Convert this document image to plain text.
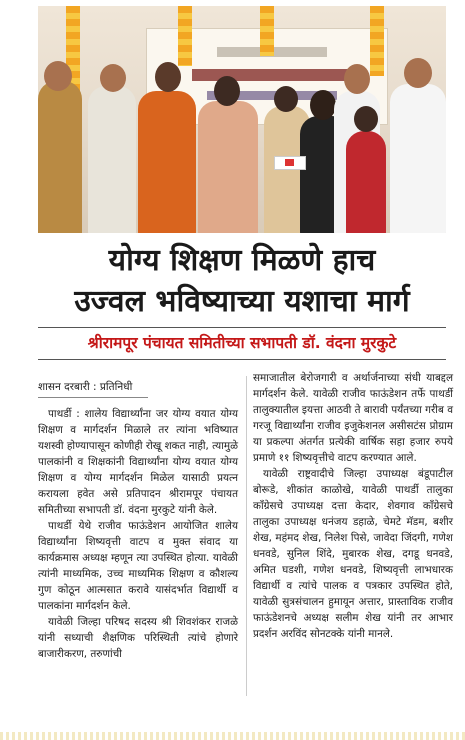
योग्य शिक्षण मिळणे हाच
उज्वल भविष्याच्या यशाचा मार्ग
श्रीरामपूर पंचायत समितीच्या सभापती डॉ. वंदना मुरकुटे
शासन दरबारी : प्रतिनिधी

पाथर्डी : शालेय विद्यार्थ्यांना जर योग्य वयात योग्य शिक्षण व मार्गदर्शन मिळाले तर त्यांना भविष्यात यशस्वी होण्यापासून कोणीही रोखू शकत नाही, त्यामुळे पालकांनी व शिक्षकांनी विद्यार्थ्यांना योग्य वयात योग्य शिक्षण व योग्य मार्गदर्शन मिळेल यासाठी प्रयत्न करायला हवेत असे प्रतिपादन श्रीरामपूर पंचायत समितीच्या सभापती डॉ. वंदना मुरकुटे यांनी केले.

पाथर्डी येथे राजीव फाऊंडेशन आयोजित शालेय विद्यार्थ्यांना शिष्यवृत्ती वाटप व मुक्त संवाद या कार्यक्रमास अध्यक्ष म्हणून त्या उपस्थित होत्या. यावेळी त्यांनी माध्यमिक, उच्च माध्यमिक शिक्षण व कौशल्य गुण कोठून आत्मसात करावे यासंदर्भात विद्यार्थी व पालकांना मार्गदर्शन केले.

यावेळी जिल्हा परिषद सदस्य श्री शिवशंकर राजळे यांनी सध्याची शैक्षणिक परिस्थिती त्यांचे होणारे बाजारीकरण, तरुणांची

समाजातील बेरोजगारी व अर्थार्जनाच्या संधी याबद्दल मार्गदर्शन केले. यावेळी राजीव फाऊंडेशन तर्फे पाथर्डी तालुक्यातील इयत्ता आठवी ते बारावी पर्यंतच्या गरीब व गरजू विद्यार्थ्यांना राजीव इजुकेशनल असीसटंस प्रोग्राम या प्रकल्पा अंतर्गत प्रत्येकी वार्षिक सहा हजार रुपये प्रमाणे ११ शिष्यवृत्तीचे वाटप करण्यात आले.

यावेळी राष्ट्रवादीचे जिल्हा उपाध्यक्ष बंडूपाटील बोरूडे, शीकांत काळोखे, यावेळी पाथर्डी तालुका काँग्रेसचे उपाध्यक्ष दत्ता केदार, शेवगाव काँग्रेसचे तालुका उपाध्यक्ष धनंजय डहाळे, चेमटे मॅडम, बशीर शेख, महंमद शेख, निलेश पिसे, जावेदा जिंदगी, गणेश धनवडे, सुनिल शिंदे, मुबारक शेख, दगडू धनवडे, अमित घडशी, गणेश धनवडे, शिष्यवृत्ती लाभधारक विद्यार्थी व त्यांचे पालक व पत्रकार उपस्थित होते, यावेळी सुत्रसंचालन हुमायून अत्तार, प्रास्ताविक राजीव फाऊंडेशनचे अध्यक्ष सलीम शेख यांनी तर आभार प्रदर्शन अरविंद सोनटक्के यांनी मानले.
